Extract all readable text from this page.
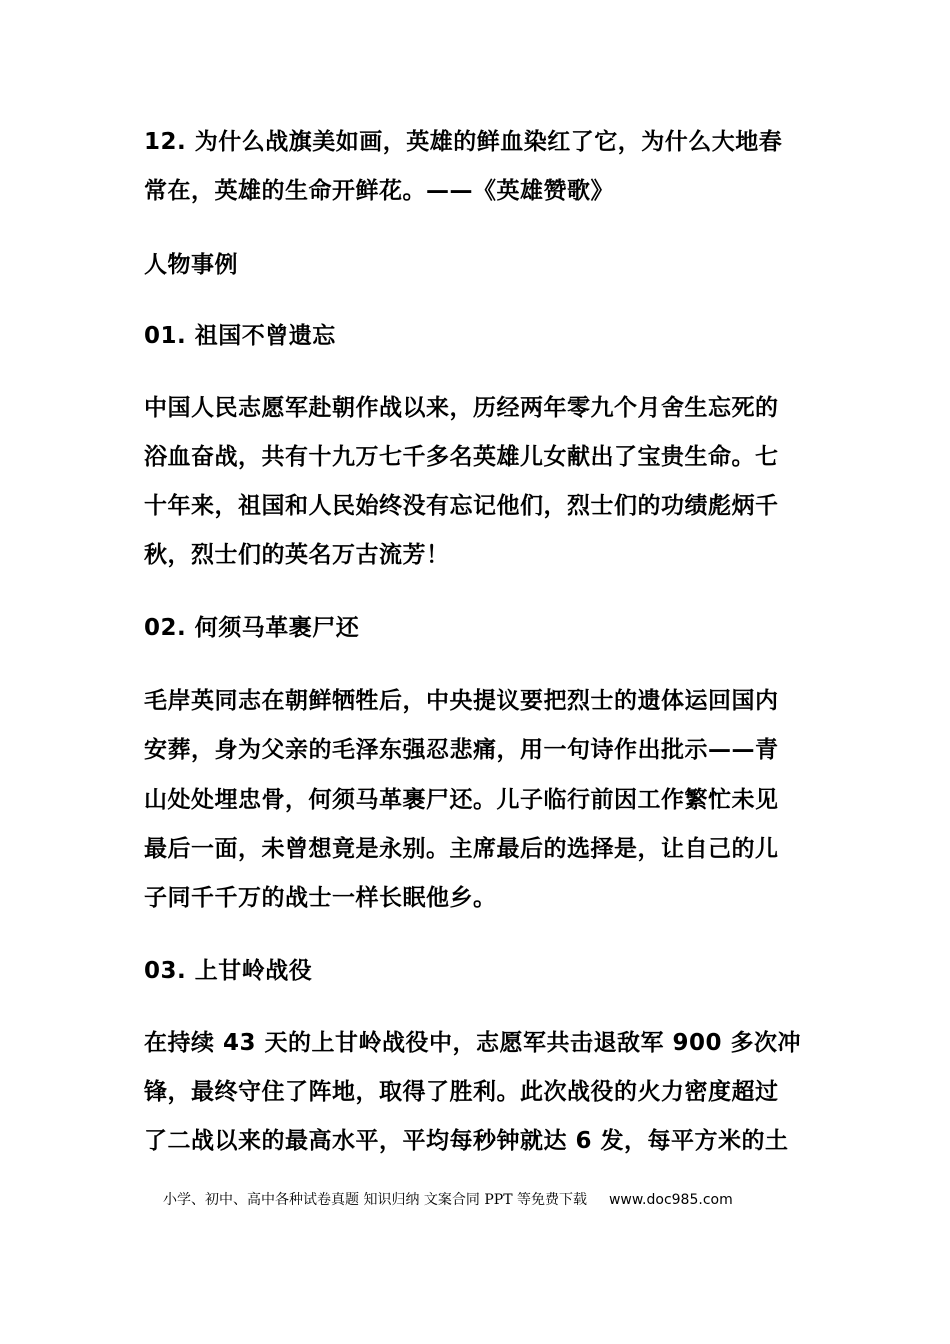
12. 为什么战旗美如画，英雄的鲜血染红了它，为什么大地春
常在，英雄的生命开鲜花。——《英雄赞歌》
人物事例
01. 祖国不曾遗忘
中国人民志愿军赴朝作战以来，历经两年零九个月舍生忘死的
浴血奋战，共有十九万七千多名英雄儿女献出了宝贵生命。七
十年来，祖国和人民始终没有忘记他们，烈士们的功绩彪炳千
秋，烈士们的英名万古流芳！
02. 何须马革裹尸还
毛岸英同志在朝鲜牺牲后，中央提议要把烈士的遗体运回国内
安葬，身为父亲的毛泽东强忍悲痛，用一句诗作出批示——青
山处处埋忠骨，何须马革裹尸还。儿子临行前因工作繁忙未见
最后一面，未曾想竟是永别。主席最后的选择是，让自己的儿
子同千千万的战士一样长眠他乡。
03. 上甘岭战役
在持续 43 天的上甘岭战役中，志愿军共击退敌军 900 多次冲
锋，最终守住了阵地，取得了胜利。此次战役的火力密度超过
了二战以来的最高水平，平均每秒钟就达 6 发，每平方米的土
小学、初中、高中各种试卷真题 知识归纳 文案合同 PPT 等免费下载 www.doc985.com
